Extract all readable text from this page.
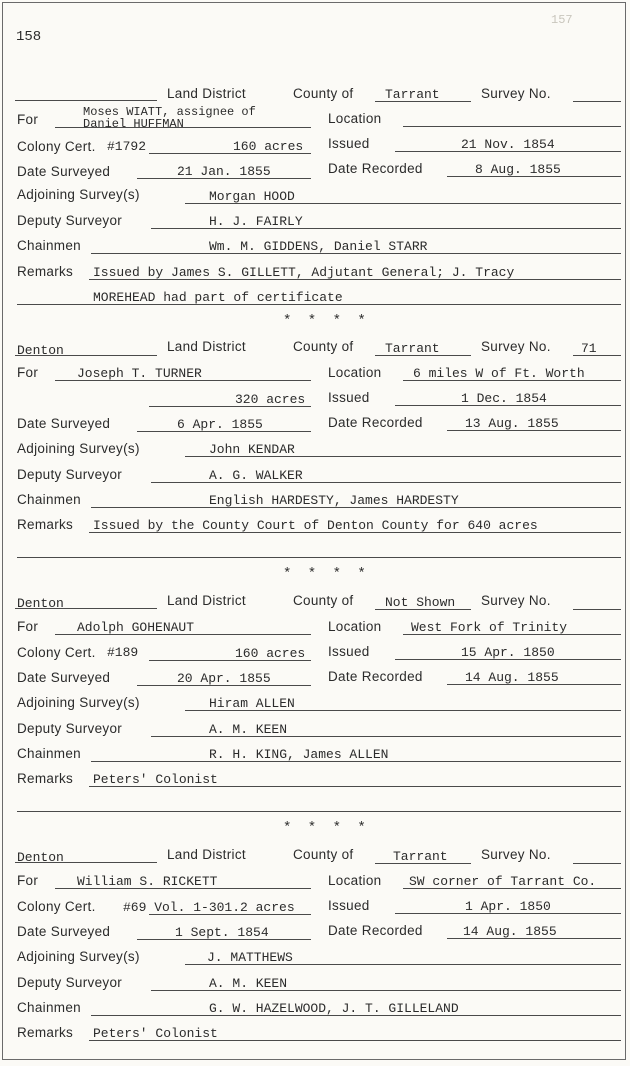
157
158
Land District	County of Tarrant	Survey No.
For	Moses WIATT, assignee of
Daniel HUFFMAN	Location
Colony Cert. #1792	160 acres Issued	21 Nov. 1854
Date Surveyed	21 Jan. 1855	Date Recorded	8 Aug. 1855
Adjoining Survey(s)	Morgan HOOD
Deputy Surveyor	H. J. FAIRLY
Chainmen	Wm. M. GIDDENS, Daniel STARR
Remarks Issued by James S. GILLETT, Adjutant General; J. Tracy
MOREHEAD had part of certificate
* * * *
Denton	Land District	County of Tarrant	Survey No. 71
For	Joseph T. TURNER	Location 6 miles W of Ft. Worth
320 acres Issued	1 Dec. 1854
Date Surveyed	6 Apr. 1855	Date Recorded	13 Aug. 1855
Adjoining Survey(s)	John KENDAR
Deputy Surveyor	A. G. WALKER
Chainmen	English HARDESTY, James HARDESTY
Remarks Issued by the County Court of Denton County for 640 acres
* * * *
Denton	Land District	County of Not Shown Survey No.
For	Adolph GOHENAUT	Location West Fork of Trinity
Colony Cert. #189	160 acres Issued	15 Apr. 1850
Date Surveyed	20 Apr. 1855	Date Recorded	14 Aug. 1855
Adjoining Survey(s)	Hiram ALLEN
Deputy Surveyor	A. M. KEEN
Chainmen	R. H. KING, James ALLEN
Remarks Peters' Colonist
* * * *
Denton	Land District	County of	Tarrant Survey No.
For	William S. RICKETT	Location SW corner of Tarrant Co.
Colony Cert. #69 Vol. 1-301.2 acres Issued	1 Apr. 1850
Date Surveyed	1 Sept. 1854	Date Recorded	14 Aug. 1855
Adjoining Survey(s)	J. MATTHEWS
Deputy Surveyor	A. M. KEEN
Chainmen	G. W. HAZELWOOD, J. T. GILLELAND
Remarks Peters' Colonist
